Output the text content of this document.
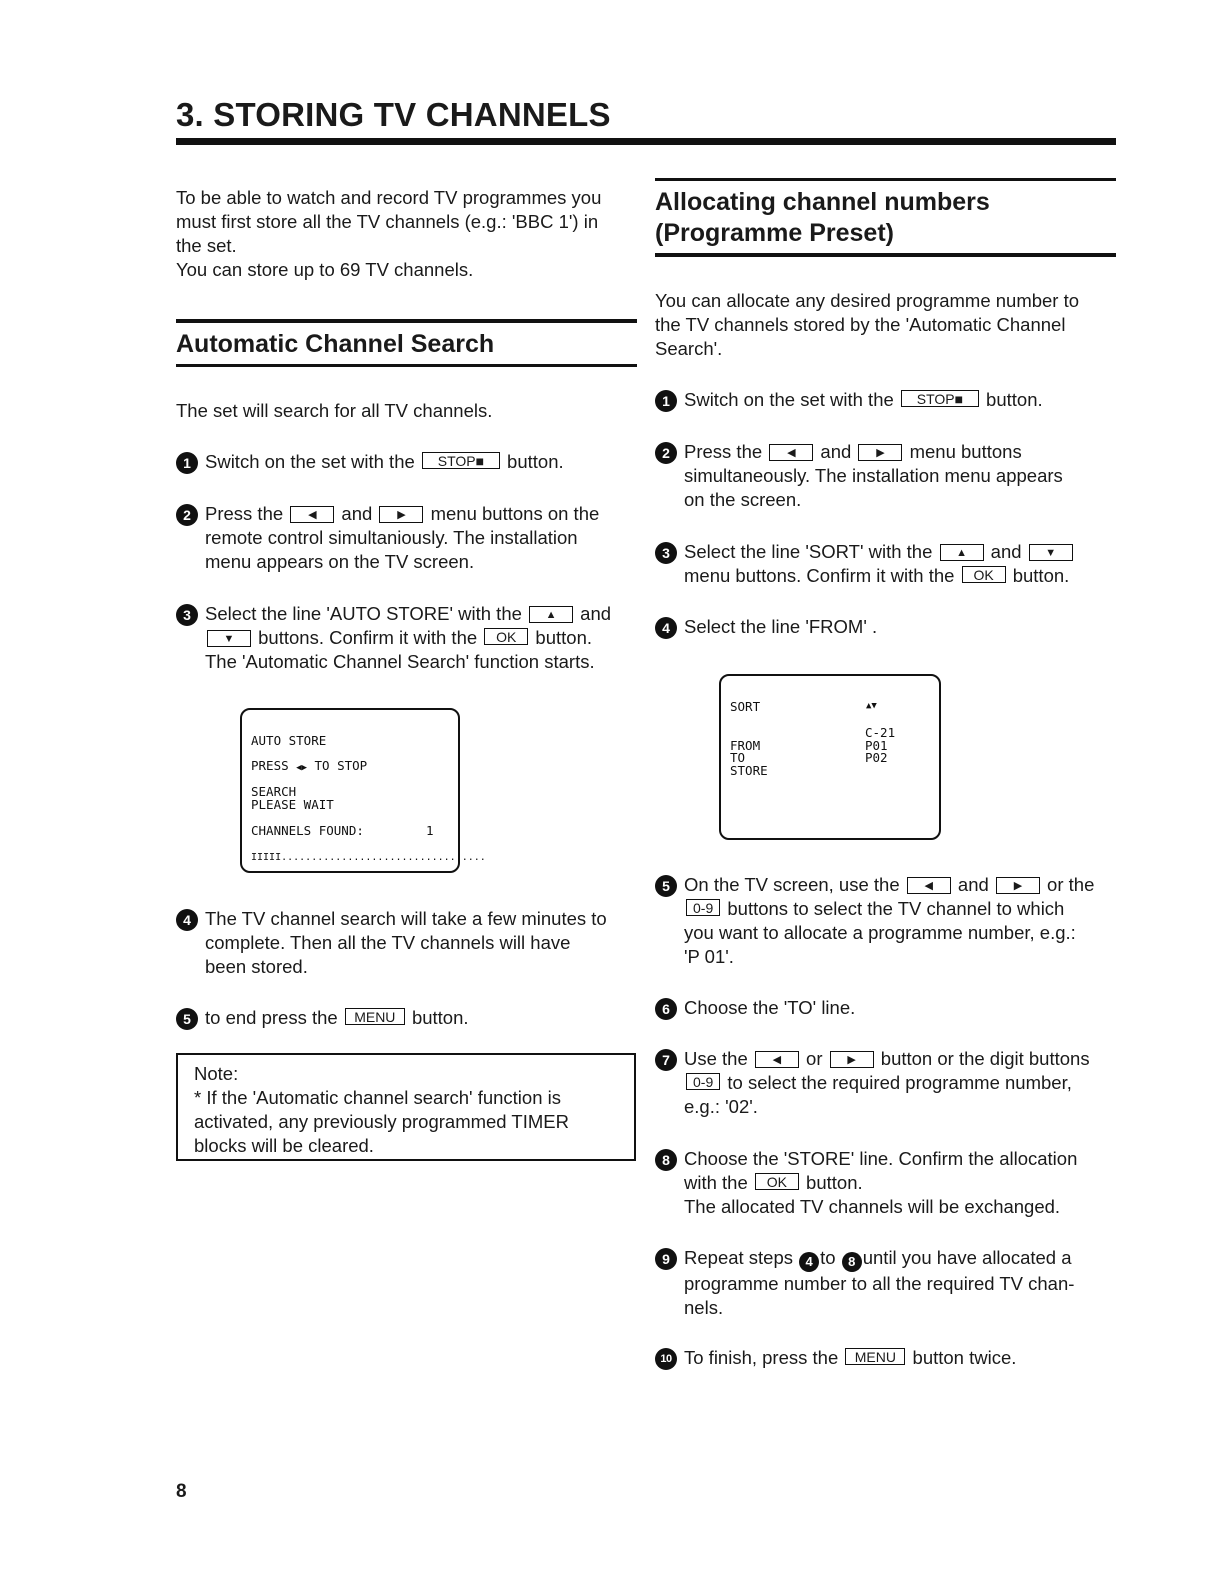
3. STORING TV CHANNELS

To be able to watch and record TV programmes you

must first store all the TV channels (e.g.: 'BBC 1') in

the set.

You can store up to 69 TV channels.

Automatic Channel Search
The set will search for all TV channels.
1 Switch on the set with the STOP■ button.
2 Press the ◀ and ▶ menu buttons on the

remote control simultaniously. The installation

menu appears on the TV screen.

3 Select the line 'AUTO STORE' with the ▲ and

▼ buttons. Confirm it with the OK button.

The 'Automatic Channel Search' function starts.

AUTO STORE
PRESS ◀▶ TO STOP
SEARCH
PLEASE WAIT
CHANNELS FOUND:	1
IIIII..................................
4 The TV channel search will take a few minutes to

complete. Then all the TV channels will have

been stored.

5 to end press the MENU button.
Note:
* If the 'Automatic channel search' function is
activated, any previously programmed TIMER
blocks will be cleared.
Allocating channel numbers
(Programme Preset)

You can allocate any desired programme number to

the TV channels stored by the 'Automatic Channel

Search'.

1 Switch on the set with the STOP■ button.
2 Press the ◀ and ▶ menu buttons

simultaneously. The installation menu appears

on the screen.

3 Select the line 'SORT' with the ▲ and ▼

menu buttons. Confirm it with the OK button.

4 Select the line 'FROM' .
SORT	▲▼
C-21
FROM	P01
TO	P02
STORE
5 On the TV screen, use the ◀ and ▶ or the

0-9 buttons to select the TV channel to which

you want to allocate a programme number, e.g.:

'P 01'.

6 Choose the 'TO' line.
7 Use the ◀ or ▶ button or the digit buttons

0-9 to select the required programme number,

e.g.: '02'.

8 Choose the 'STORE' line. Confirm the allocation

with the OK button.

The allocated TV channels will be exchanged.

9 Repeat steps 4 to 8 until you have allocated a

programme number to all the required TV chan-

nels.

10 To finish, press the MENU button twice.
8
